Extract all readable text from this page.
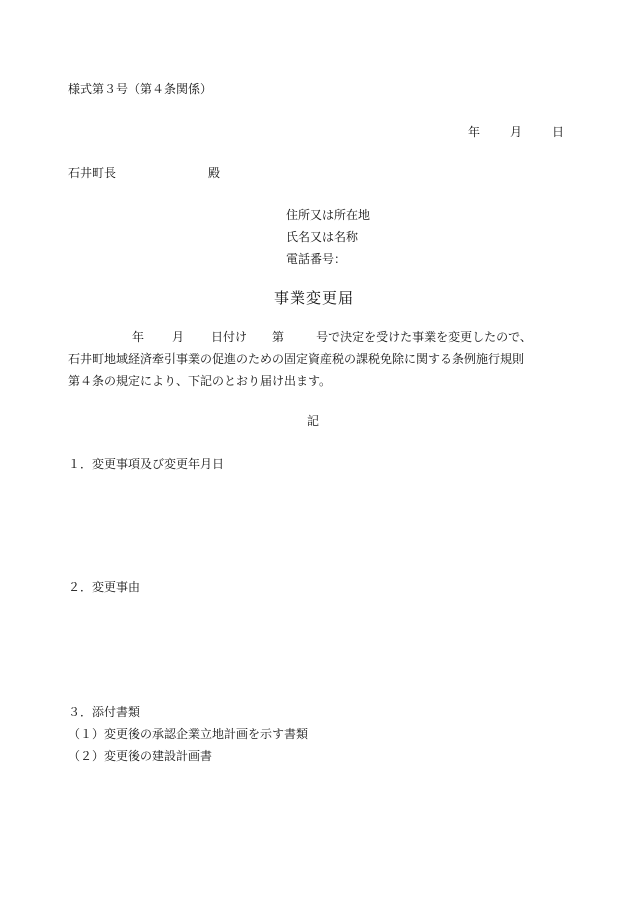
様式第３号（第４条関係）
年	月	日
石井町長	殿
住所又は所在地
氏名又は名称
電話番号：
事業変更届
年 月 日付け 第	号で決定を受けた事業を変更したので、
石井町地域経済牽引事業の促進のための固定資産税の課税免除に関する条例施行規則
第４条の規定により、下記のとおり届け出ます。
記
１．変更事項及び変更年月日
２．変更事由
３．添付書類
（１）変更後の承認企業立地計画を示す書類
（２）変更後の建設計画書
